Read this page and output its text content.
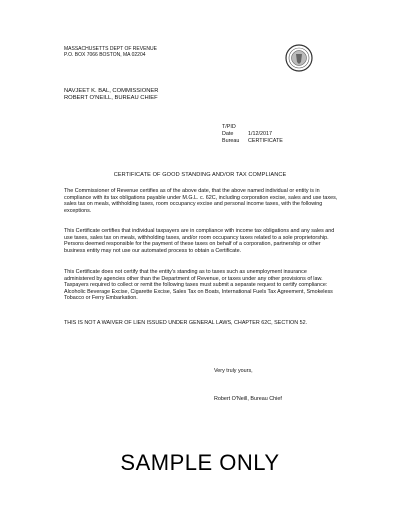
MASSACHUSETTS DEPT OF REVENUE
P.O. BOX 7066 BOSTON, MA 02204
NAVJEET K. BAL, COMMISSIONER
ROBERT O'NEILL, BUREAU CHIEF
T/PID
Date	1/12/2017
Bureau	CERTIFICATE
CERTIFICATE OF GOOD STANDING AND/OR TAX COMPLIANCE
The Commissioner of Revenue certifies as of the above date, that the above named individual or entity is in compliance with its tax obligations payable under M.G.L. c. 62C, including corporation excise, sales and use taxes, sales tax on meals, withholding taxes, room occupancy excise and personal income taxes, with the following exceptions.
This Certificate certifies that individual taxpayers are in compliance with income tax obligations and any sales and use taxes, sales tax on meals, withholding taxes, and/or room occupancy taxes related to a sole proprietorship. Persons deemed responsible for the payment of these taxes on behalf of a corporation, partnership or other business entity may not use our automated process to obtain a Certificate.
This Certificate does not certify that the entity's standing as to taxes such as unemployment insurance administered by agencies other than the Department of Revenue, or taxes under any other provisions of law. Taxpayers required to collect or remit the following taxes must submit a separate request to certify compliance: Alcoholic Beverage Excise, Cigarette Excise, Sales Tax on Boats, International Fuels Tax Agreement, Smokeless Tobacco or Ferry Embarkation.
THIS IS NOT A WAIVER OF LIEN ISSUED UNDER GENERAL LAWS, CHAPTER 62C, SECTION 52.
Very truly yours,
Robert O'Neill, Bureau Chief
SAMPLE ONLY
